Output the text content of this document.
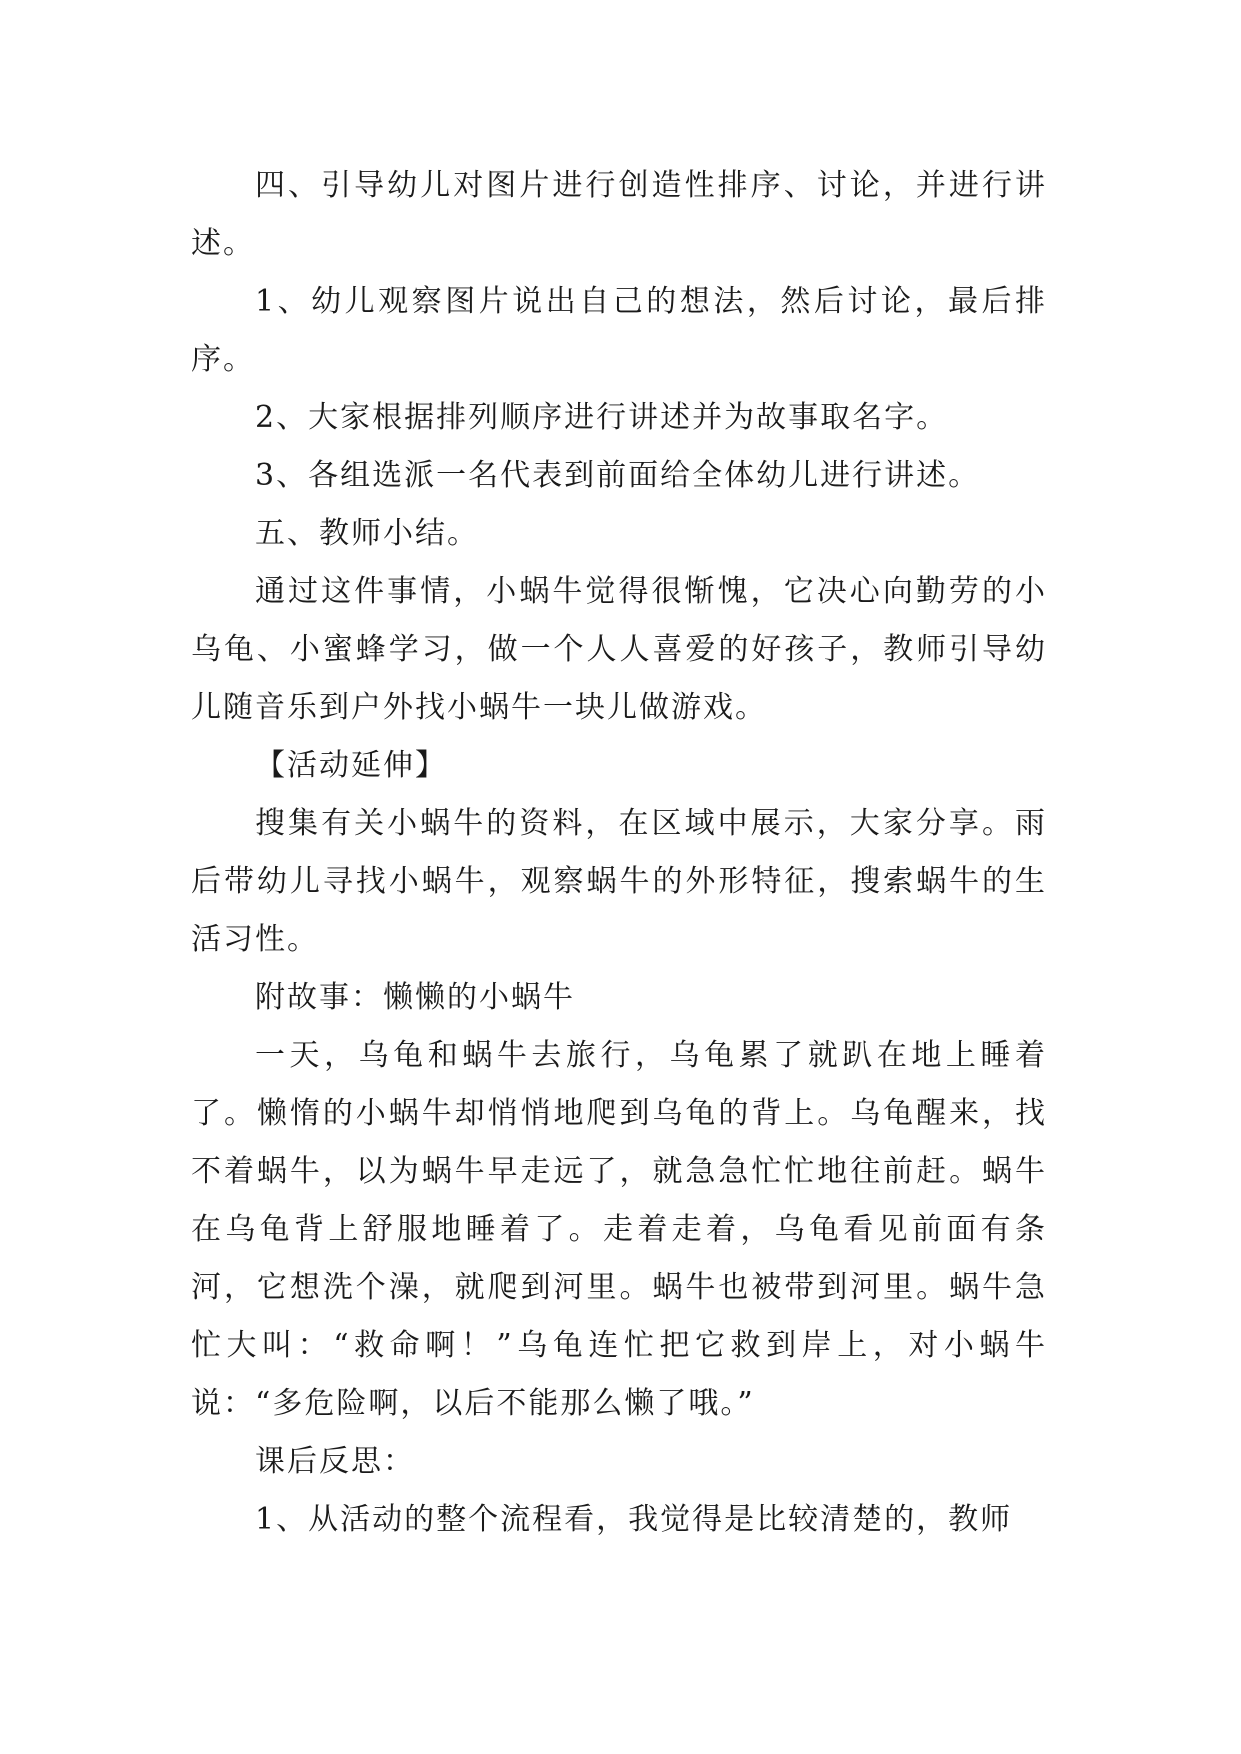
四、引导幼儿对图片进行创造性排序、讨论，并进行讲述。

1、幼儿观察图片说出自己的想法，然后讨论，最后排序。

2、大家根据排列顺序进行讲述并为故事取名字。

3、各组选派一名代表到前面给全体幼儿进行讲述。

五、教师小结。

通过这件事情，小蜗牛觉得很惭愧，它决心向勤劳的小乌龟、小蜜蜂学习，做一个人人喜爱的好孩子，教师引导幼儿随音乐到户外找小蜗牛一块儿做游戏。

【活动延伸】

搜集有关小蜗牛的资料，在区域中展示，大家分享。雨后带幼儿寻找小蜗牛，观察蜗牛的外形特征，搜索蜗牛的生活习性。

附故事：懒懒的小蜗牛

一天，乌龟和蜗牛去旅行，乌龟累了就趴在地上睡着了。懒惰的小蜗牛却悄悄地爬到乌龟的背上。乌龟醒来，找不着蜗牛，以为蜗牛早走远了，就急急忙忙地往前赶。蜗牛在乌龟背上舒服地睡着了。走着走着，乌龟看见前面有条河，它想洗个澡，就爬到河里。蜗牛也被带到河里。蜗牛急忙大叫：“救命啊！”乌龟连忙把它救到岸上，对小蜗牛说：“多危险啊，以后不能那么懒了哦。”

课后反思：

1、从活动的整个流程看，我觉得是比较清楚的，教师
